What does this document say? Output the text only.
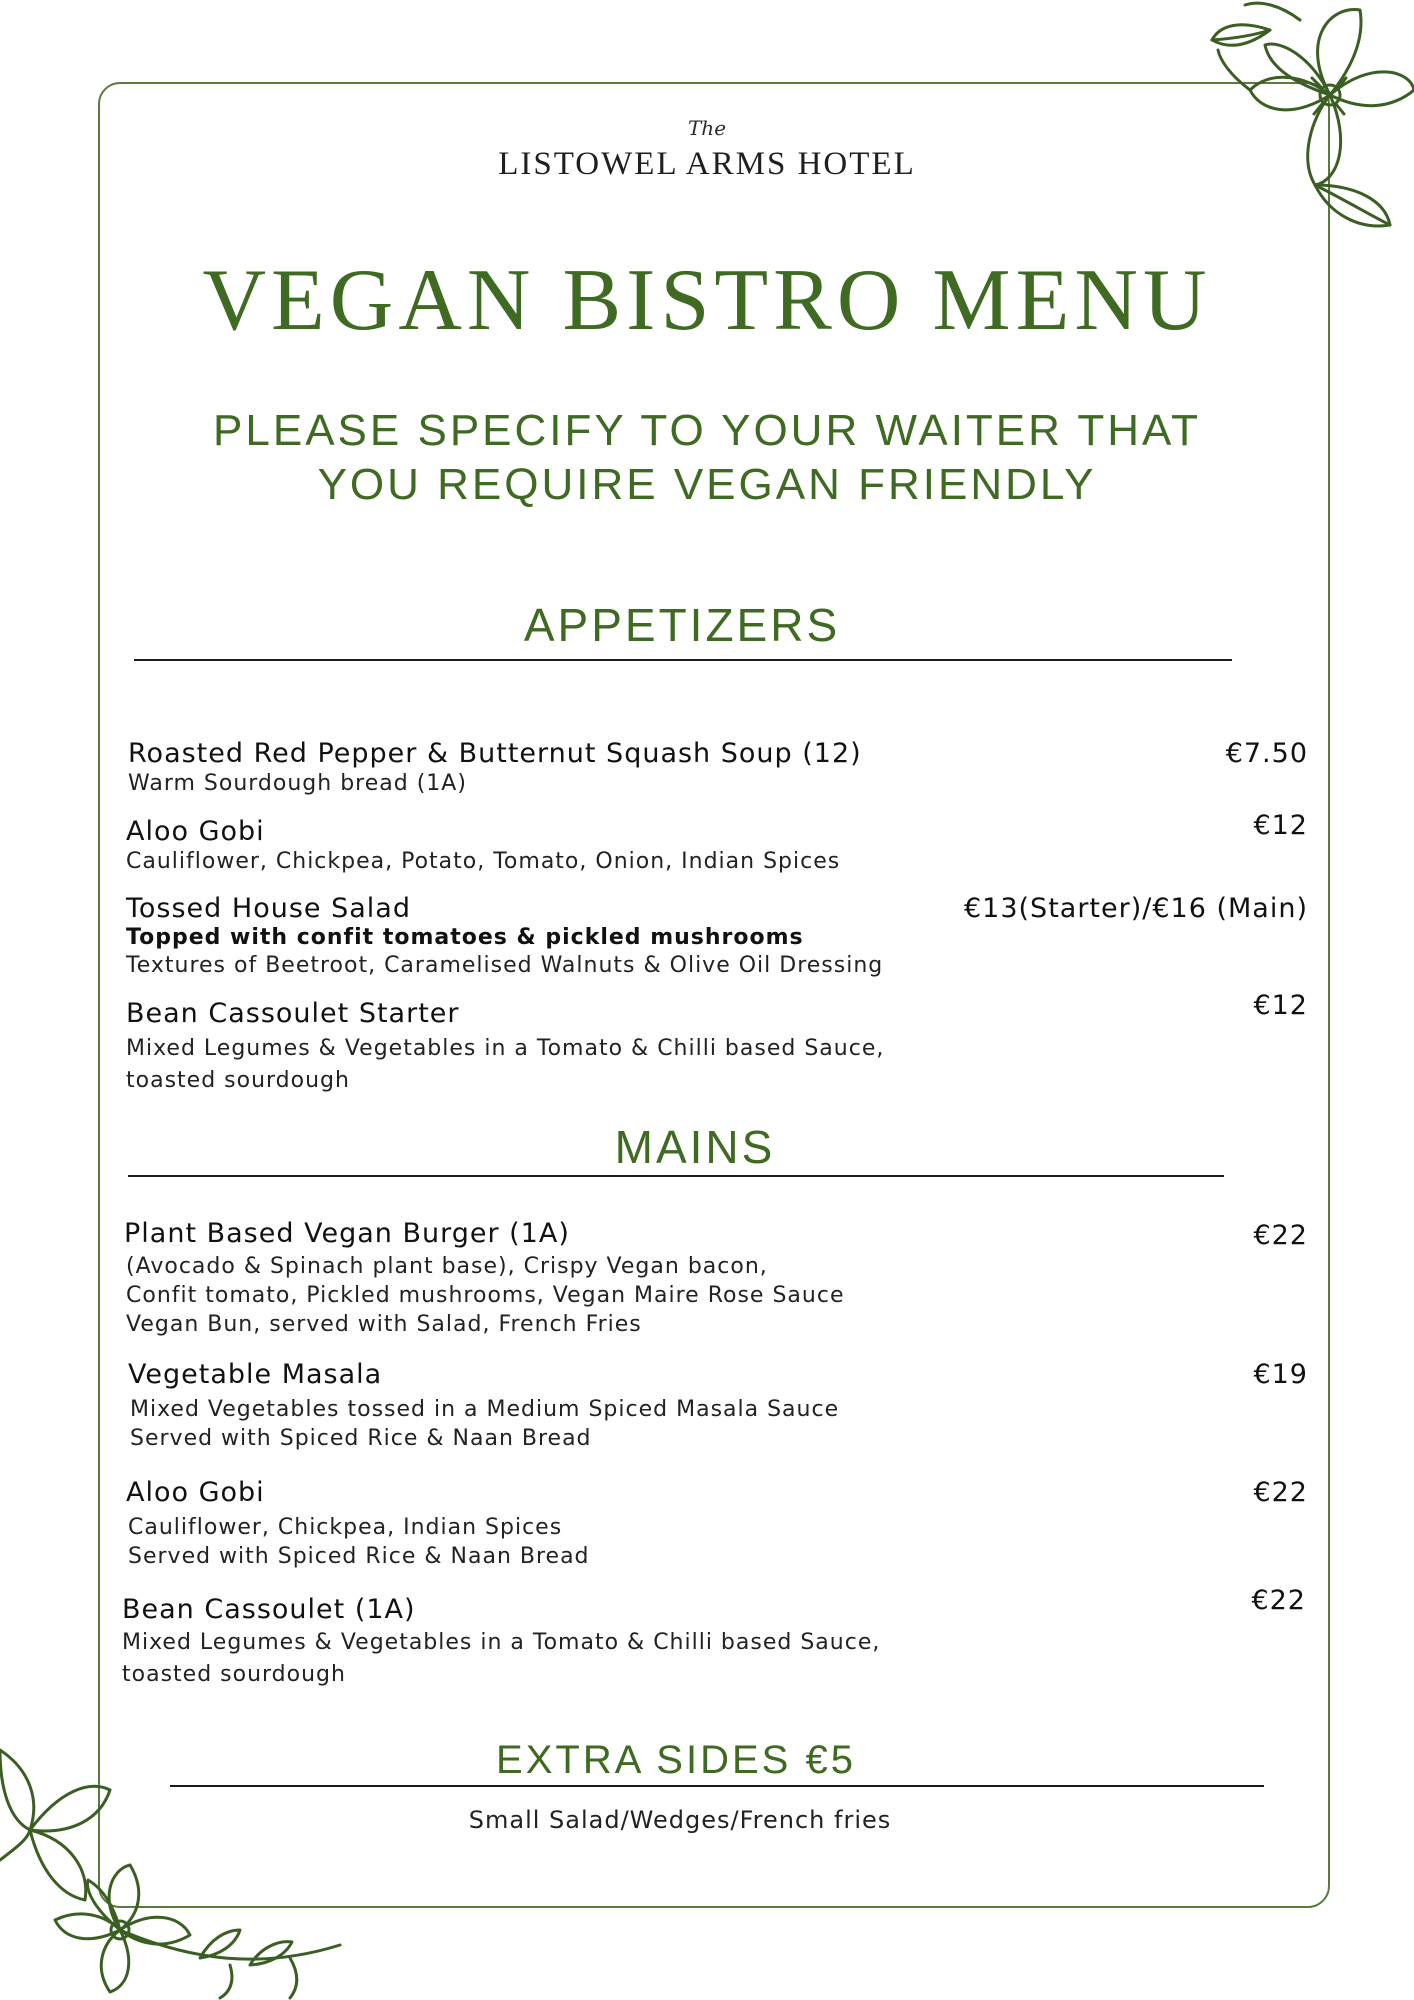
The
LISTOWEL ARMS HOTEL
VEGAN BISTRO MENU
PLEASE SPECIFY TO YOUR WAITER THAT
YOU REQUIRE VEGAN FRIENDLY
APPETIZERS
Roasted Red Pepper & Butternut Squash Soup (12)
Warm Sourdough bread (1A)
€7.50
Aloo Gobi
Cauliflower, Chickpea, Potato, Tomato, Onion, Indian Spices
€12
Tossed House Salad
Topped with confit tomatoes & pickled mushrooms
Textures of Beetroot, Caramelised Walnuts & Olive Oil Dressing
€13(Starter)/€16 (Main)
Bean Cassoulet Starter
Mixed Legumes & Vegetables in a Tomato & Chilli based Sauce,
toasted sourdough
€12
MAINS
Plant Based Vegan Burger (1A)
(Avocado & Spinach plant base), Crispy Vegan bacon,
Confit tomato, Pickled mushrooms, Vegan Maire Rose Sauce
Vegan Bun, served with Salad, French Fries
€22
Vegetable Masala
Mixed Vegetables tossed in a Medium Spiced Masala Sauce
Served with Spiced Rice & Naan Bread
€19
Aloo Gobi
Cauliflower, Chickpea, Indian Spices
Served with Spiced Rice & Naan Bread
€22
Bean Cassoulet (1A)
Mixed Legumes & Vegetables in a Tomato & Chilli based Sauce,
toasted sourdough
€22
EXTRA SIDES €5
Small Salad/Wedges/French fries
